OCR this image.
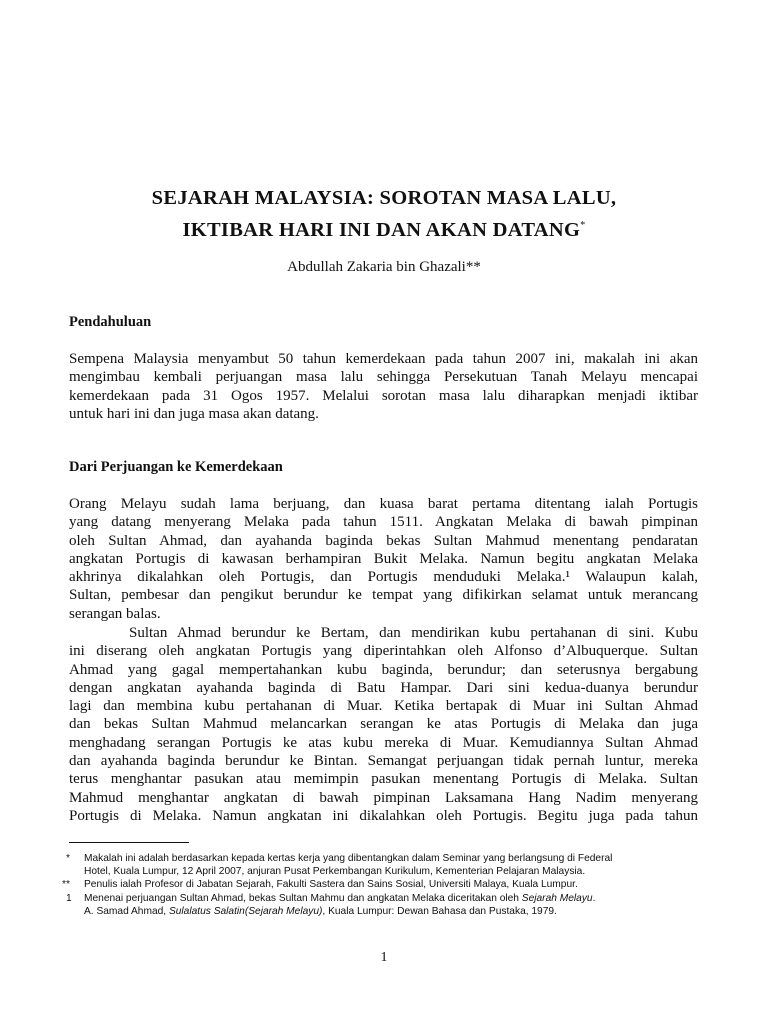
SEJARAH MALAYSIA: SOROTAN MASA LALU,
IKTIBAR HARI INI DAN AKAN DATANG*
Abdullah Zakaria bin Ghazali**
Pendahuluan
Sempena Malaysia menyambut 50 tahun kemerdekaan pada tahun 2007 ini, makalah ini akan
mengimbau kembali perjuangan masa lalu sehingga Persekutuan Tanah Melayu mencapai
kemerdekaan pada 31 Ogos 1957. Melalui sorotan masa lalu diharapkan menjadi iktibar
untuk hari ini dan juga masa akan datang.
Dari Perjuangan ke Kemerdekaan
Orang Melayu sudah lama berjuang, dan kuasa barat pertama ditentang ialah Portugis
yang datang menyerang Melaka pada tahun 1511. Angkatan Melaka di bawah pimpinan
oleh Sultan Ahmad, dan ayahanda baginda bekas Sultan Mahmud menentang pendaratan
angkatan Portugis di kawasan berhampiran Bukit Melaka. Namun begitu angkatan Melaka
akhrinya dikalahkan oleh Portugis, dan Portugis menduduki Melaka.¹ Walaupun kalah,
Sultan, pembesar dan pengikut berundur ke tempat yang difikirkan selamat untuk merancang
serangan balas.
Sultan Ahmad berundur ke Bertam, dan mendirikan kubu pertahanan di sini. Kubu
ini diserang oleh angkatan Portugis yang diperintahkan oleh Alfonso d’Albuquerque. Sultan
Ahmad yang gagal mempertahankan kubu baginda, berundur; dan seterusnya bergabung
dengan angkatan ayahanda baginda di Batu Hampar. Dari sini kedua-duanya berundur
lagi dan membina kubu pertahanan di Muar. Ketika bertapak di Muar ini Sultan Ahmad
dan bekas Sultan Mahmud melancarkan serangan ke atas Portugis di Melaka dan juga
menghadang serangan Portugis ke atas kubu mereka di Muar. Kemudiannya Sultan Ahmad
dan ayahanda baginda berundur ke Bintan. Semangat perjuangan tidak pernah luntur, mereka
terus menghantar pasukan atau memimpin pasukan menentang Portugis di Melaka. Sultan
Mahmud menghantar angkatan di bawah pimpinan Laksamana Hang Nadim menyerang
Portugis di Melaka. Namun angkatan ini dikalahkan oleh Portugis. Begitu juga pada tahun
* Makalah ini adalah berdasarkan kepada kertas kerja yang dibentangkan dalam Seminar yang berlangsung di Federal
Hotel, Kuala Lumpur, 12 April 2007, anjuran Pusat Perkembangan Kurikulum, Kementerian Pelajaran Malaysia.
** Penulis ialah Profesor di Jabatan Sejarah, Fakulti Sastera dan Sains Sosial, Universiti Malaya, Kuala Lumpur.
1 Menenai perjuangan Sultan Ahmad, bekas Sultan Mahmu dan angkatan Melaka diceritakan oleh Sejarah Melayu.
A. Samad Ahmad, Sulalatus Salatin(Sejarah Melayu), Kuala Lumpur: Dewan Bahasa dan Pustaka, 1979.
1
